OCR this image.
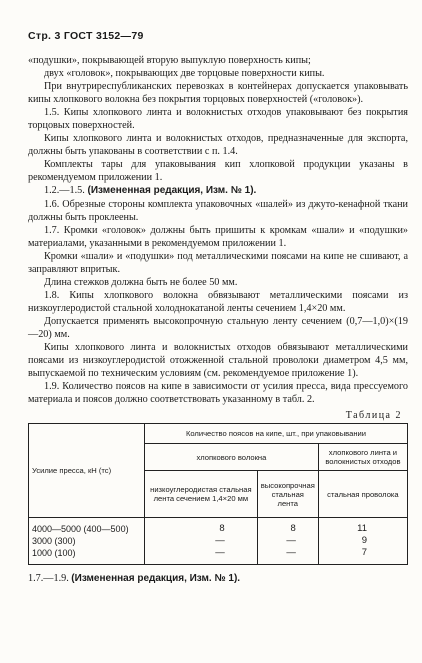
Стр. 3 ГОСТ 3152—79

«подушки», покрывающей вторую выпуклую поверхность кипы;

двух «головок», покрывающих две торцовые поверхности кипы.

При внутриреспубликанских перевозках в контейнерах допускается упаковывать кипы хлопкового волокна без покрытия торцовых поверхностей («головок»).

1.5. Кипы хлопкового линта и волокнистых отходов упаковывают без покрытия торцовых поверхностей.

Кипы хлопкового линта и волокнистых отходов, предназначенные для экспорта, должны быть упакованы в соответствии с п. 1.4.

Комплекты тары для упаковывания кип хлопковой продукции указаны в рекомендуемом приложении 1.

1.2.—1.5. (Измененная редакция, Изм. № 1).

1.6. Обрезные стороны комплекта упаковочных «шалей» из джуто-кенафной ткани должны быть проклеены.

1.7. Кромки «головок» должны быть пришиты к кромкам «шали» и «подушки» материалами, указанными в рекомендуемом приложении 1.

Кромки «шали» и «подушки» под металлическими поясами на кипе не сшивают, а заправляют впритык.

Длина стежков должна быть не более 50 мм.

1.8. Кипы хлопкового волокна обвязывают металлическими поясами из низкоуглеродистой стальной холоднокатаной ленты сечением 1,4×20 мм.

Допускается применять высокопрочную стальную ленту сечением (0,7—1,0)×(19—20) мм.

Кипы хлопкового линта и волокнистых отходов обвязывают металлическими поясами из низкоуглеродистой отожженной стальной проволоки диаметром 4,5 мм, выпускаемой по техническим условиям (см. рекомендуемое приложение 1).

1.9. Количество поясов на кипе в зависимости от усилия пресса, вида прессуемого материала и поясов должно соответствовать указанному в табл. 2.

Таблица 2
Усилие пресса, кН (тс)	Количество поясов на кипе, шт., при упаковывании		
	хлопкового волокна		хлопкового линта и волокнистых отходов
	низкоуглеродистая стальная лента сечением 1,4×20 мм	высокопрочная стальная лента	стальная проволока
4000—5000 (400—500)	8	8	11
3000 (300)	—	—	9
1000 (100)	—	—	7
1.7.—1.9. (Измененная редакция, Изм. № 1).
